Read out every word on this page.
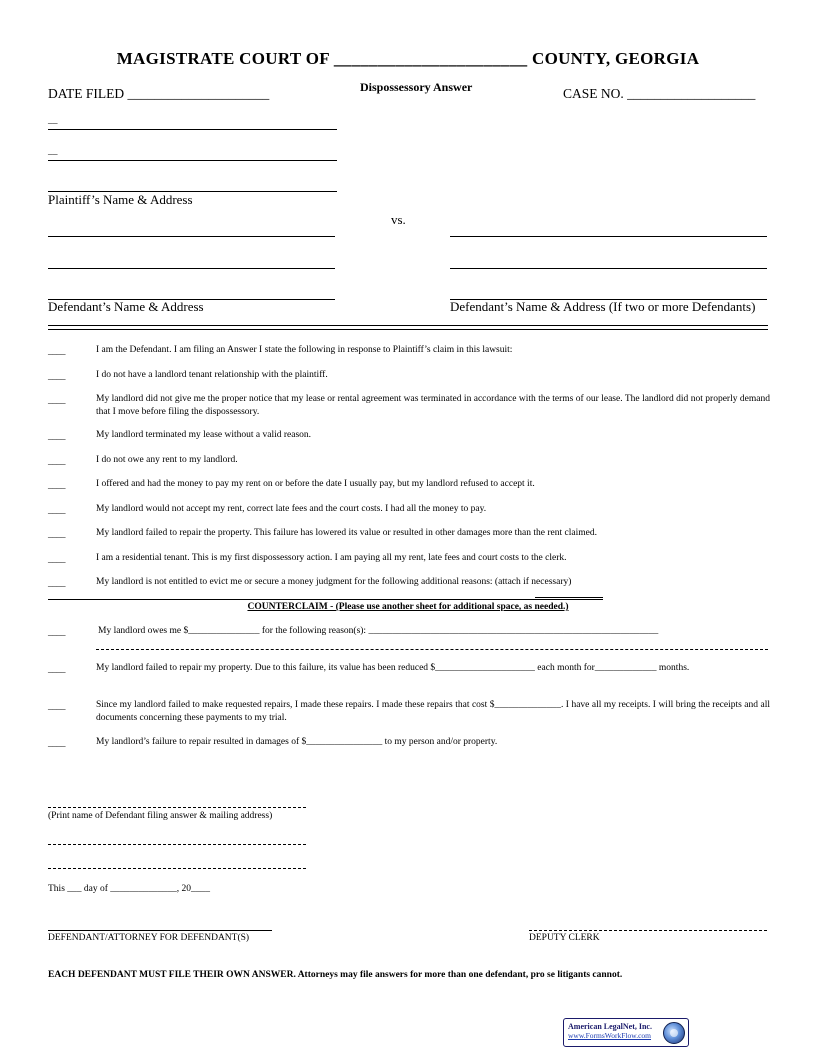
MAGISTRATE COURT OF ______________________ COUNTY, GEORGIA
Dispossessory Answer
DATE FILED _____________________	CASE NO. ___________________
__
__
Plaintiff’s Name & Address
vs.
Defendant’s Name & Address	Defendant’s Name & Address (If two or more Defendants)
____	I am the Defendant. I am filing an Answer I state the following in response to Plaintiff’s claim in this lawsuit:
____	I do not have a landlord tenant relationship with the plaintiff.
____	My landlord did not give me the proper notice that my lease or rental agreement was terminated in accordance with the terms of our lease. The landlord did not properly demand that I move before filing the dispossessory.
____	My landlord terminated my lease without a valid reason.
____	I do not owe any rent to my landlord.
____	I offered and had the money to pay my rent on or before the date I usually pay, but my landlord refused to accept it.
____	My landlord would not accept my rent, correct late fees and the court costs. I had all the money to pay.
____	My landlord failed to repair the property. This failure has lowered its value or resulted in other damages more than the rent claimed.
____	I am a residential tenant. This is my first dispossessory action. I am paying all my rent, late fees and court costs to the clerk.
____	My landlord is not entitled to evict me or secure a money judgment for the following additional reasons: (attach if necessary)
COUNTERCLAIM - (Please use another sheet for additional space, as needed.)
____	My landlord owes me $_______________ for the following reason(s): _____________________________________________________________
____	My landlord failed to repair my property. Due to this failure, its value has been reduced $_____________________ each month for_____________ months.
____	Since my landlord failed to make requested repairs, I made these repairs. I made these repairs that cost $______________. I have all my receipts. I will bring the receipts and all documents concerning these payments to my trial.
____	My landlord’s failure to repair resulted in damages of $________________ to my person and/or property.
(Print name of Defendant filing answer & mailing address)
This ___ day of ______________, 20____
DEFENDANT/ATTORNEY FOR DEFENDANT(S)	DEPUTY CLERK
EACH DEFENDANT MUST FILE THEIR OWN ANSWER. Attorneys may file answers for more than one defendant, pro se litigants cannot.
American LegalNet, Inc.
www.FormsWorkFlow.com
